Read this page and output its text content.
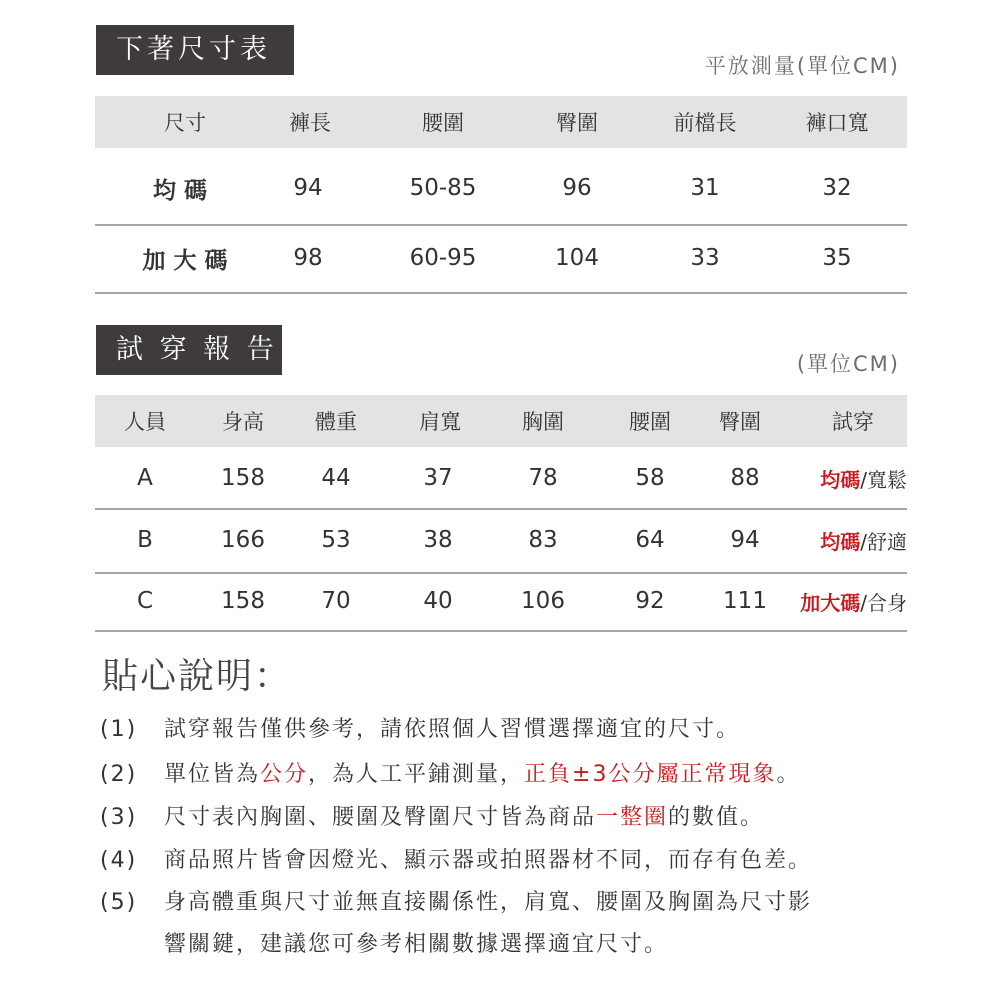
下著尺寸表
平放測量(單位CM)
尺寸	褲長	腰圍	臀圍	前檔長	褲口寬
均 碼	94	50-85	96	31	32
加 大 碼	98	60-95	104	33	35
試 穿 報 告	(單位CM)
人員	身高	體重	肩寬	胸圍	腰圍	臀圍	試穿
A	158	44	37	78	58	88	均碼 /寬鬆
B	166	53	38	83	64	94	均碼 /舒適
C	158	70	40	106	92	111	加大碼 /合身
貼心說明：
(1) 試穿報告僅供參考，請依照個人習慣選擇適宜的尺寸。
(2) 單位皆為公分，為人工平鋪測量，正負±3公分屬正常現象。
(3) 尺寸表內胸圍、腰圍及臀圍尺寸皆為商品一整圈的數值。
(4) 商品照片皆會因燈光、顯示器或拍照器材不同，而存有色差。
(5) 身高體重與尺寸並無直接關係性，肩寬、腰圍及胸圍為尺寸影
響關鍵，建議您可參考相關數據選擇適宜尺寸。
